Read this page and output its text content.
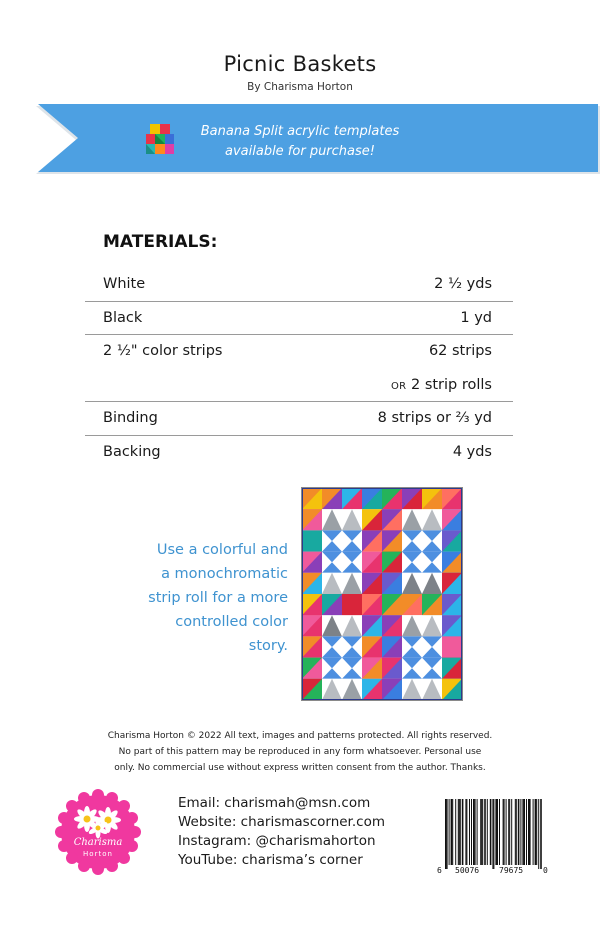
Picnic Baskets
By Charisma Horton
Banana Split acrylic templates
available for purchase!
MATERIALS:
White	2 ½ yds
Black	1 yd
2 ½" color strips	62 strips
OR 2 strip rolls
Binding	8 strips or ⅔ yd
Backing	4 yds
Use a colorful and
a monochromatic
strip roll for a more
controlled color
story.
Charisma Horton © 2022 All text, images and patterns protected. All rights reserved.
No part of this pattern may be reproduced in any form whatsoever. Personal use
only. No commercial use without express written consent from the author. Thanks.
Charisma
Horton
Email: charismah@msn.com
Website: charismascorner.com
Instagram: @charismahorton
YouTube: charisma’s corner
6 50076 79675 0
